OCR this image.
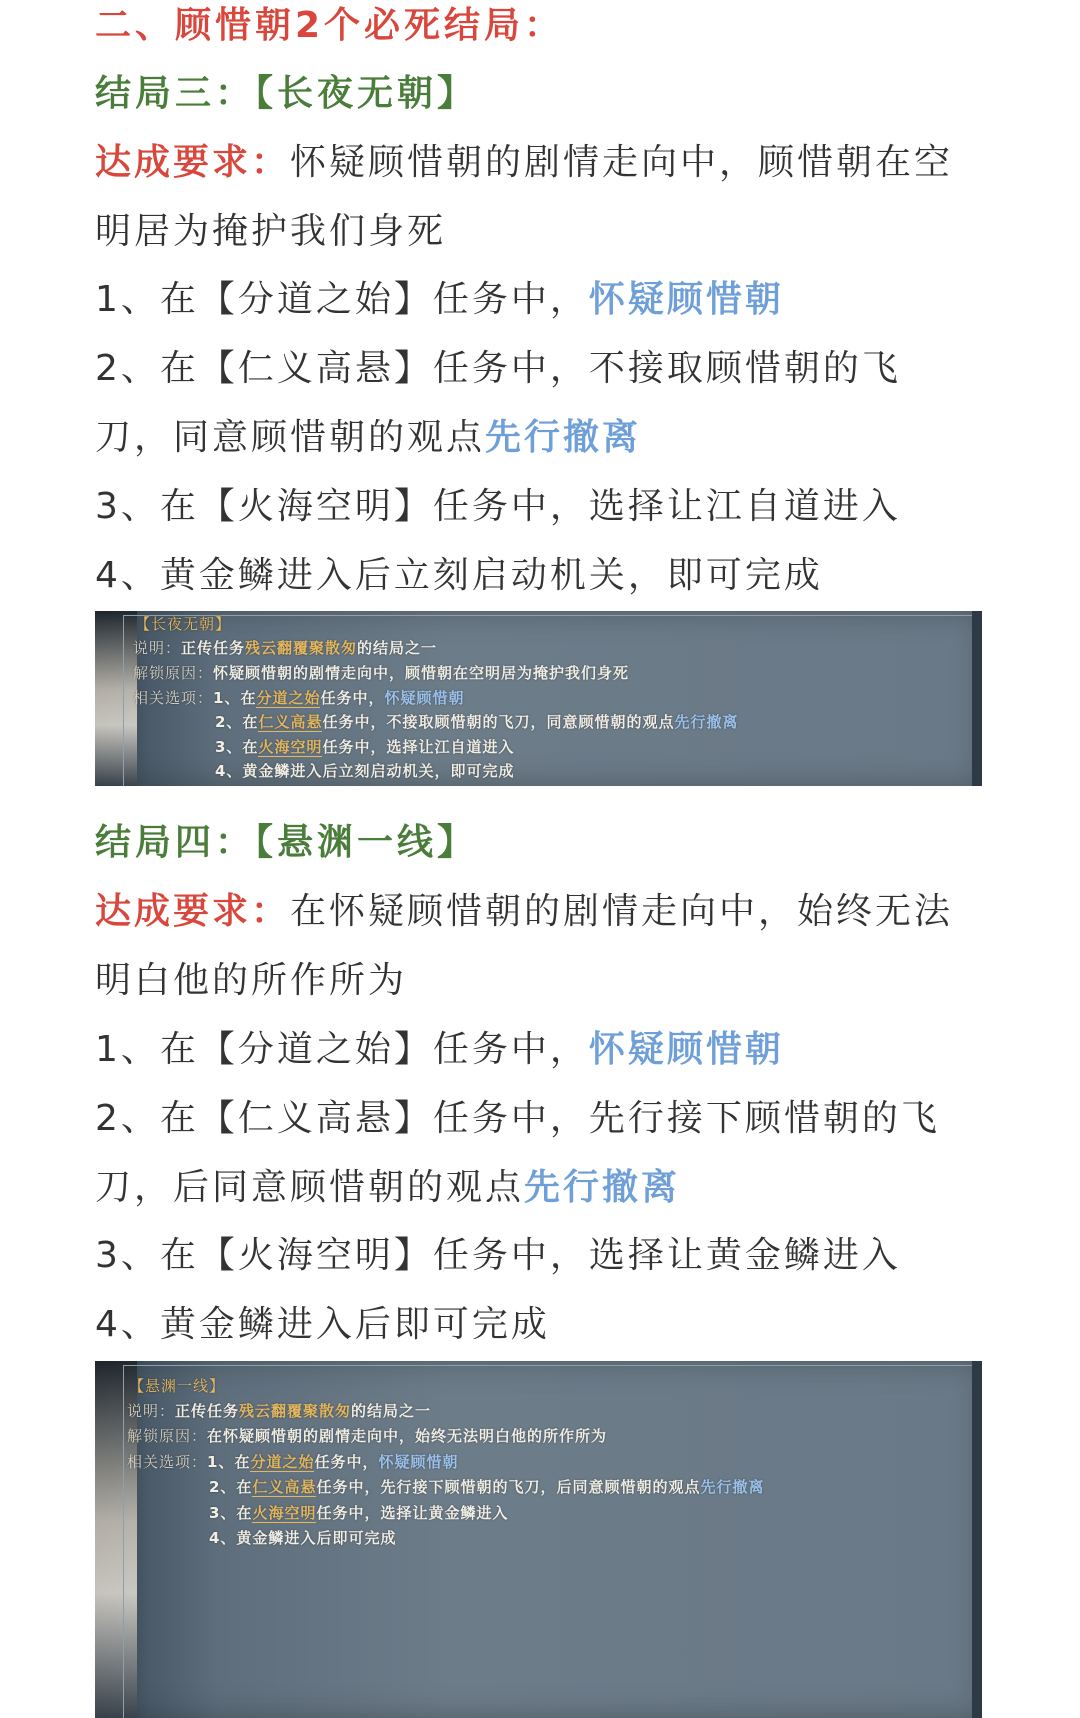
二、顾惜朝2个必死结局：
结局三：【长夜无朝】
达成要求：怀疑顾惜朝的剧情走向中，顾惜朝在空
明居为掩护我们身死
1、在【分道之始】任务中，怀疑顾惜朝
2、在【仁义高悬】任务中，不接取顾惜朝的飞
刀，同意顾惜朝的观点先行撤离
3、在【火海空明】任务中，选择让江自道进入
4、黄金鳞进入后立刻启动机关，即可完成
【长夜无朝】
说明：正传任务残云翻覆聚散匆的结局之一
解锁原因：怀疑顾惜朝的剧情走向中，顾惜朝在空明居为掩护我们身死
相关选项：1、在分道之始任务中，怀疑顾惜朝
2、在仁义高悬任务中，不接取顾惜朝的飞刀，同意顾惜朝的观点先行撤离
3、在火海空明任务中，选择让江自道进入
4、黄金鳞进入后立刻启动机关，即可完成
结局四：【悬渊一线】
达成要求：在怀疑顾惜朝的剧情走向中，始终无法
明白他的所作所为
1、在【分道之始】任务中，怀疑顾惜朝
2、在【仁义高悬】任务中，先行接下顾惜朝的飞
刀，后同意顾惜朝的观点先行撤离
3、在【火海空明】任务中，选择让黄金鳞进入
4、黄金鳞进入后即可完成
【悬渊一线】
说明：正传任务残云翻覆聚散匆的结局之一
解锁原因：在怀疑顾惜朝的剧情走向中，始终无法明白他的所作所为
相关选项：1、在分道之始任务中，怀疑顾惜朝
2、在仁义高悬任务中，先行接下顾惜朝的飞刀，后同意顾惜朝的观点先行撤离
3、在火海空明任务中，选择让黄金鳞进入
4、黄金鳞进入后即可完成
